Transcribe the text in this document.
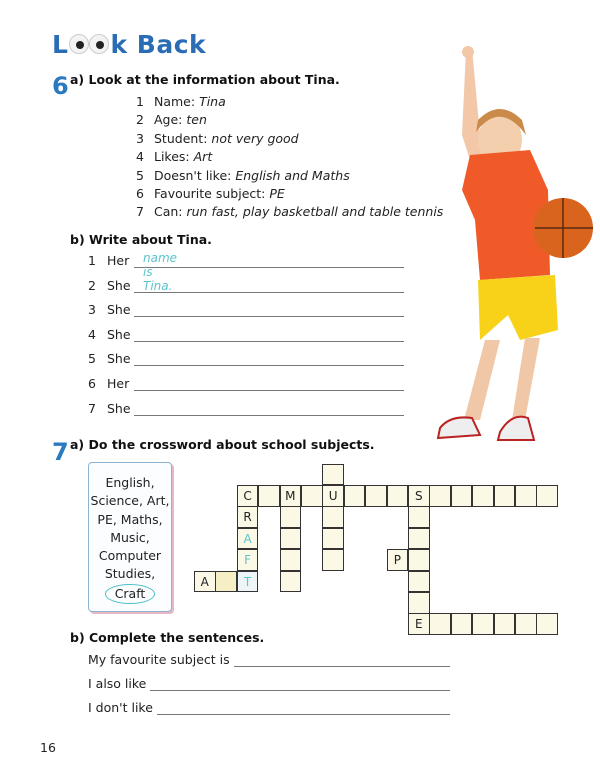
L k Back
6 a) Look at the information about Tina.
1 Name: Tina
2 Age: ten
3 Student: not very good
4 Likes: Art
5 Doesn't like: English and Maths
6 Favourite subject: PE
7 Can: run fast, play basketball and table tennis
b) Write about Tina.
1 Her name is Tina.
2 She
3 She
4 She
5 She
6 Her
7 She
7 a) Do the crossword about school subjects.
English,
Science, Art,
PE, Maths,
Music,
Computer
Studies,
Craft
C	M	U	S
R
A
F
T
A
P
E
b) Complete the sentences.
My favourite subject is
I also like
I don't like
16
